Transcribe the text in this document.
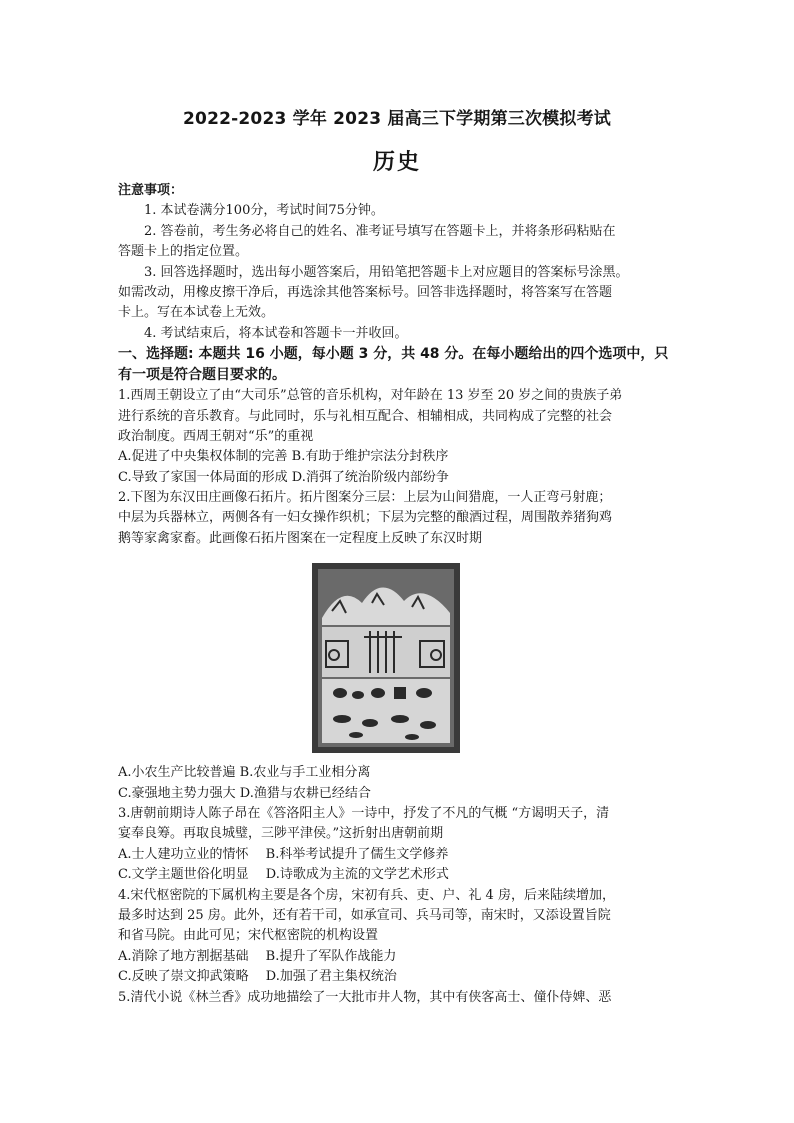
2022-2023 学年 2023 届高三下学期第三次模拟考试
历史
注意事项：
1. 本试卷满分100分，考试时间75分钟。
2. 答卷前，考生务必将自己的姓名、准考证号填写在答题卡上，并将条形码粘贴在
答题卡上的指定位置。
3. 回答选择题时，选出每小题答案后，用铅笔把答题卡上对应题目的答案标号涂黑。
如需改动，用橡皮擦干净后，再选涂其他答案标号。回答非选择题时，将答案写在答题
卡上。写在本试卷上无效。
4. 考试结束后，将本试卷和答题卡一并收回。
一、选择题: 本题共 16 小题，每小题 3 分，共 48 分。在每小题给出的四个选项中，只
有一项是符合题目要求的。
1.西周王朝设立了由“大司乐”总管的音乐机构，对年龄在 13 岁至 20 岁之间的贵族子弟
进行系统的音乐教育。与此同时，乐与礼相互配合、相辅相成，共同构成了完整的社会
政治制度。西周王朝对“乐”的重视
A.促进了中央集权体制的完善 B.有助于维护宗法分封秩序
C.导致了家国一体局面的形成 D.消弭了统治阶级内部纷争
2.下图为东汉田庄画像石拓片。拓片图案分三层：上层为山间猎鹿，一人正弯弓射鹿；
中层为兵器林立，两侧各有一妇女操作织机；下层为完整的酿酒过程，周围散养猪狗鸡
鹅等家禽家畜。此画像石拓片图案在一定程度上反映了东汉时期
A.小农生产比较普遍 B.农业与手工业相分离
C.豪强地主势力强大 D.渔猎与农耕已经结合
3.唐朝前期诗人陈子昂在《答洛阳主人》一诗中，抒发了不凡的气概 “方谒明天子，清
宴奉良筹。再取良城璧，三陟平津侯。”这折射出唐朝前期
A.士人建功立业的情怀　 B.科举考试提升了儒生文学修养
C.文学主题世俗化明显　 D.诗歌成为主流的文学艺术形式
4.宋代枢密院的下属机构主要是各个房，宋初有兵、吏、户、礼 4 房，后来陆续增加，
最多时达到 25 房。此外，还有若干司，如承宣司、兵马司等，南宋时，又添设置旨院
和省马院。由此可见；宋代枢密院的机构设置
A.消除了地方割据基础　 B.提升了军队作战能力
C.反映了崇文抑武策略　 D.加强了君主集权统治
5.清代小说《林兰香》成功地描绘了一大批市井人物，其中有侠客高士、僮仆侍婢、恶
